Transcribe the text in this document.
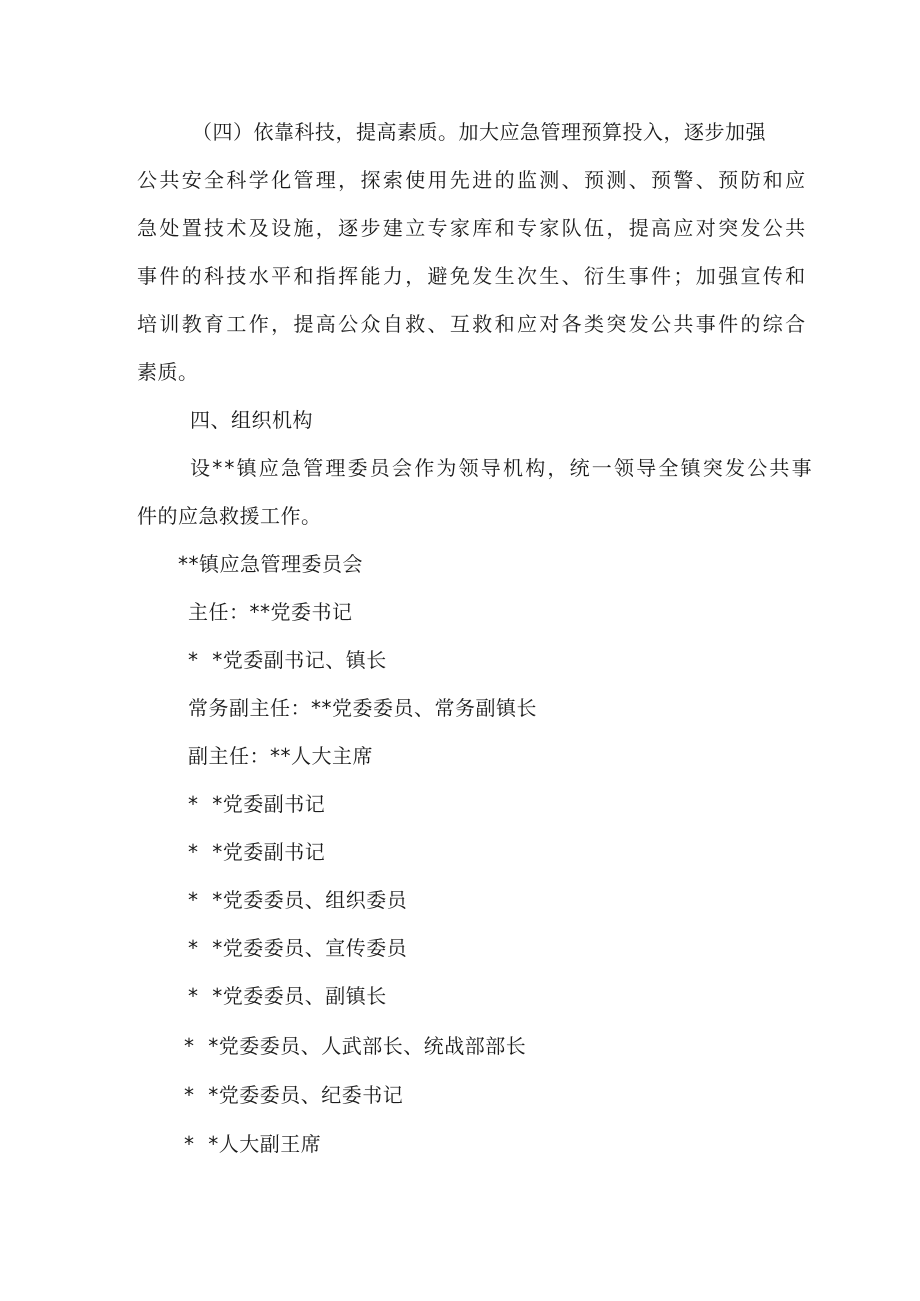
（四）依靠科技，提高素质。加大应急管理预算投入，逐步加强
公共安全科学化管理，探索使用先进的监测、预测、预警、预防和应
急处置技术及设施，逐步建立专家库和专家队伍，提高应对突发公共
事件的科技水平和指挥能力，避免发生次生、衍生事件；加强宣传和
培训教育工作，提高公众自救、互救和应对各类突发公共事件的综合
素质。
四、组织机构
设**镇应急管理委员会作为领导机构，统一领导全镇突发公共事
件的应急救援工作。
**镇应急管理委员会
主任：**党委书记
*  *党委副书记、镇长
常务副主任：**党委委员、常务副镇长
副主任：**人大主席
*  *党委副书记
*  *党委副书记
*  *党委委员、组织委员
*  *党委委员、宣传委员
*  *党委委员、副镇长
*  *党委委员、人武部长、统战部部长
*  *党委委员、纪委书记
*  *人大副王席
